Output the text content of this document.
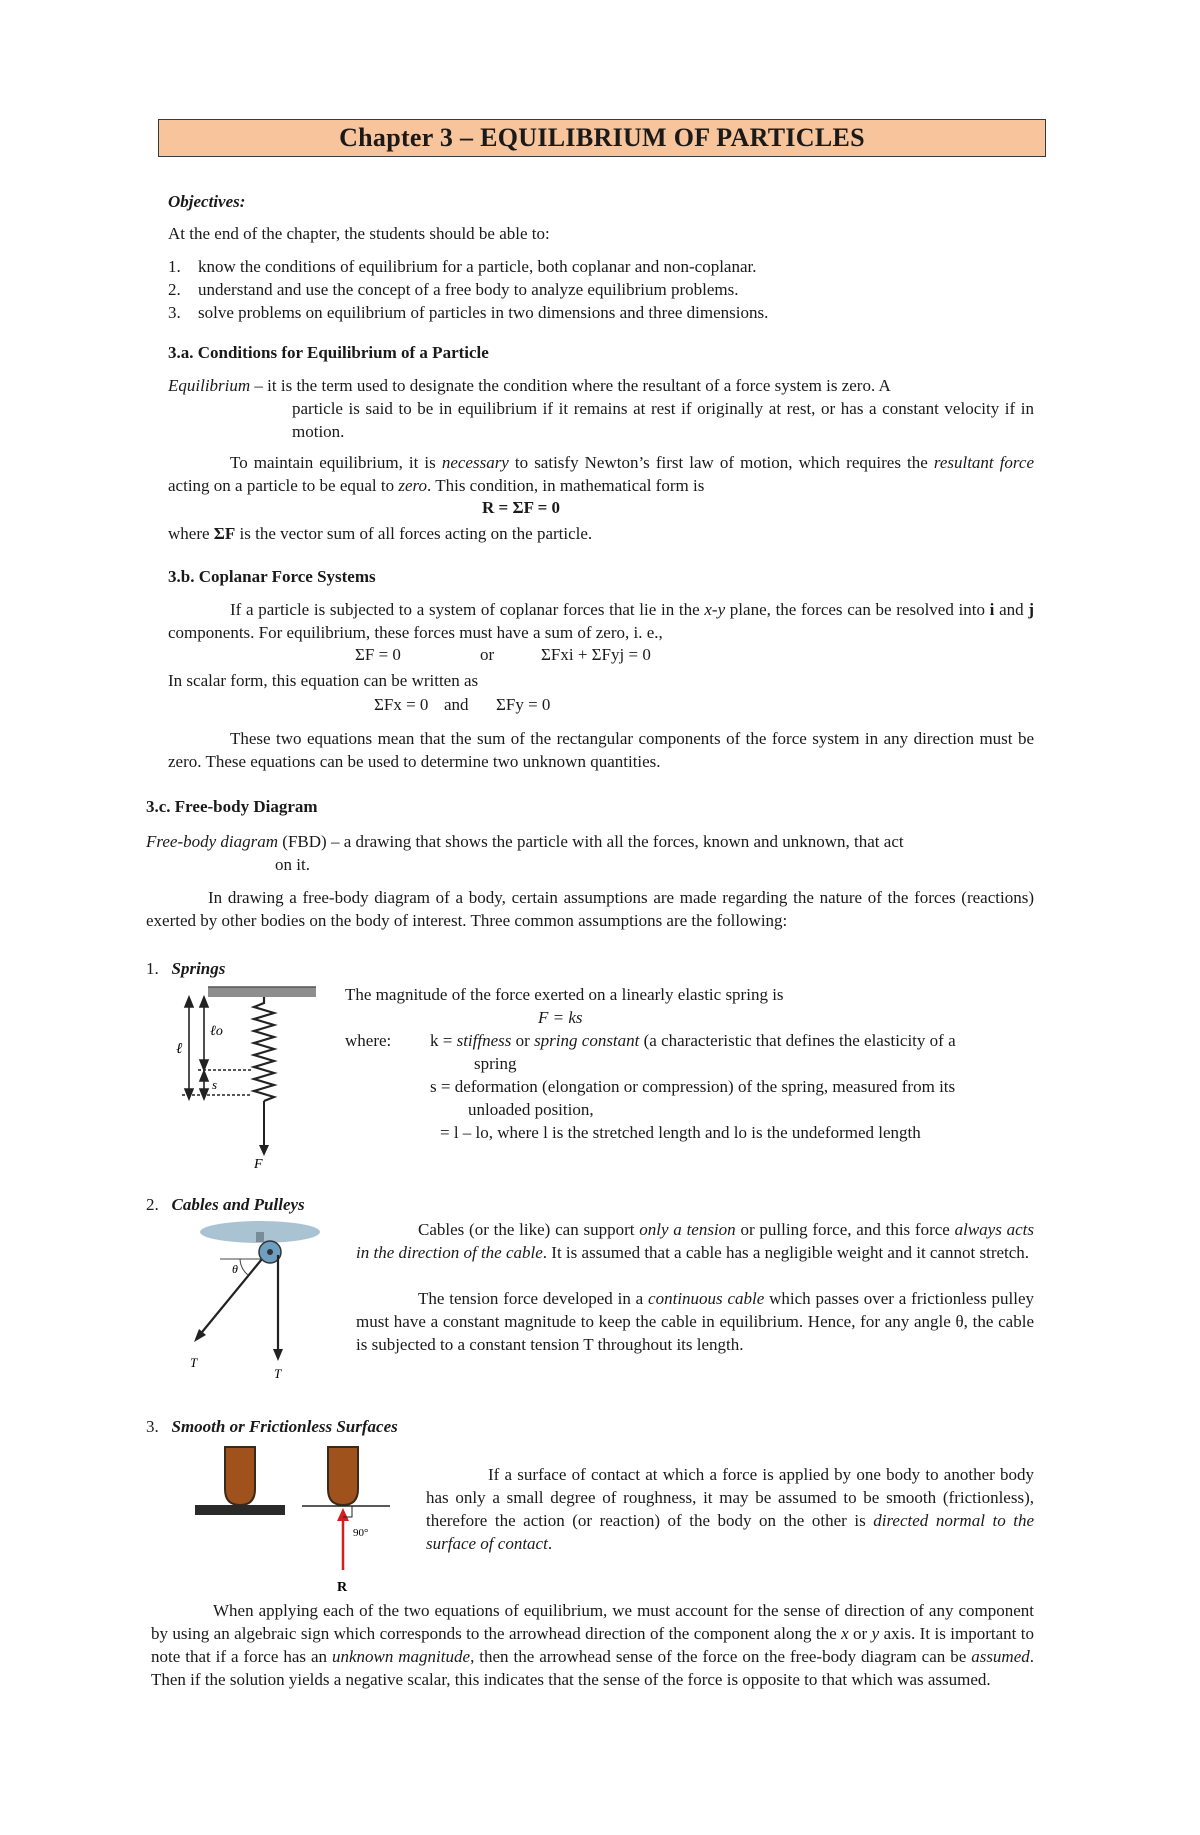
Chapter 3 – EQUILIBRIUM OF PARTICLES
Objectives:
At the end of the chapter, the students should be able to:
1. know the conditions of equilibrium for a particle, both coplanar and non-coplanar.
2. understand and use the concept of a free body to analyze equilibrium problems.
3. solve problems on equilibrium of particles in two dimensions and three dimensions.
3.a. Conditions for Equilibrium of a Particle
Equilibrium – it is the term used to designate the condition where the resultant of a force system is zero. A
particle is said to be in equilibrium if it remains at rest if originally at rest, or has a constant velocity if in motion.
To maintain equilibrium, it is necessary to satisfy Newton’s first law of motion, which requires the resultant force acting on a particle to be equal to zero. This condition, in mathematical form is
R = ΣF = 0
where ΣF is the vector sum of all forces acting on the particle.
3.b. Coplanar Force Systems
If a particle is subjected to a system of coplanar forces that lie in the x-y plane, the forces can be resolved into i and j components. For equilibrium, these forces must have a sum of zero, i. e.,
ΣF = 0	or	ΣFxi + ΣFyj = 0
In scalar form, this equation can be written as
ΣFx = 0 and ΣFy = 0
These two equations mean that the sum of the rectangular components of the force system in any direction must be zero. These equations can be used to determine two unknown quantities.
3.c. Free-body Diagram
Free-body diagram (FBD) – a drawing that shows the particle with all the forces, known and unknown, that act
on it.
In drawing a free-body diagram of a body, certain assumptions are made regarding the nature of the forces (reactions) exerted by other bodies on the body of interest. Three common assumptions are the following:
1. Springs
ℓ
ℓo
s
F
The magnitude of the force exerted on a linearly elastic spring is
F = ks
where: k = stiffness or spring constant (a characteristic that defines the elasticity of a
spring
s = deformation (elongation or compression) of the spring, measured from its
unloaded position,
= l – lo, where l is the stretched length and lo is the undeformed length
2. Cables and Pulleys
θ
T
T
Cables (or the like) can support only a tension or pulling force, and this force always acts in the direction of the cable. It is assumed that a cable has a negligible weight and it cannot stretch.
The tension force developed in a continuous cable which passes over a frictionless pulley must have a constant magnitude to keep the cable in equilibrium. Hence, for any angle θ, the cable is subjected to a constant tension T throughout its length.
3. Smooth or Frictionless Surfaces
90°
R
If a surface of contact at which a force is applied by one body to another body has only a small degree of roughness, it may be assumed to be smooth (frictionless), therefore the action (or reaction) of the body on the other is directed normal to the surface of contact.
When applying each of the two equations of equilibrium, we must account for the sense of direction of any component by using an algebraic sign which corresponds to the arrowhead direction of the component along the x or y axis. It is important to note that if a force has an unknown magnitude, then the arrowhead sense of the force on the free-body diagram can be assumed. Then if the solution yields a negative scalar, this indicates that the sense of the force is opposite to that which was assumed.
